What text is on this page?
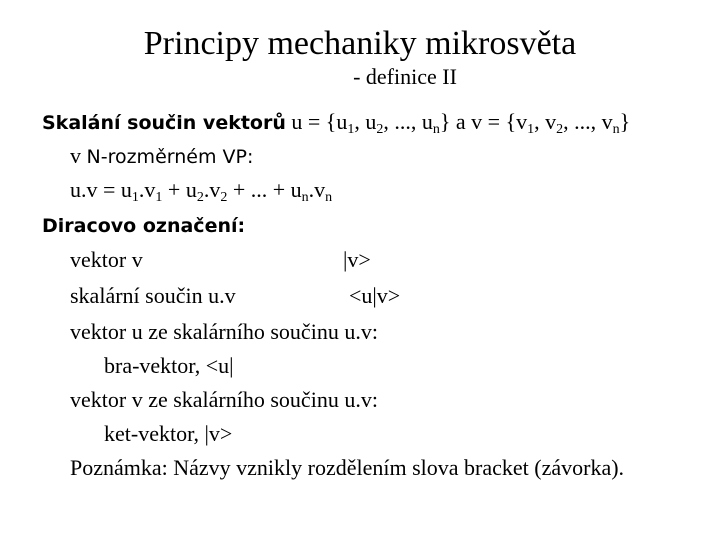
Principy mechaniky mikrosvěta
- definice II
Skalání součin vektorů $u = \{u_1$, $u_2$, ..., $u_n$} a $v = \{v_1$, $v_2$, ..., $v_n$}
v N-rozměrném VP:
$u.v = u_1.v_1 + u_2.v_2$ + ... + $u_n.v_n$
Diracovo označení:
vektor v	|v>
skalární součin u.v	<u|v>
vektor u ze skalárního součinu u.v:
bra-vektor, <u|
vektor v ze skalárního součinu u.v:
ket-vektor, |v>
Poznámka: Názvy vznikly rozdělením slova bracket (závorka).
